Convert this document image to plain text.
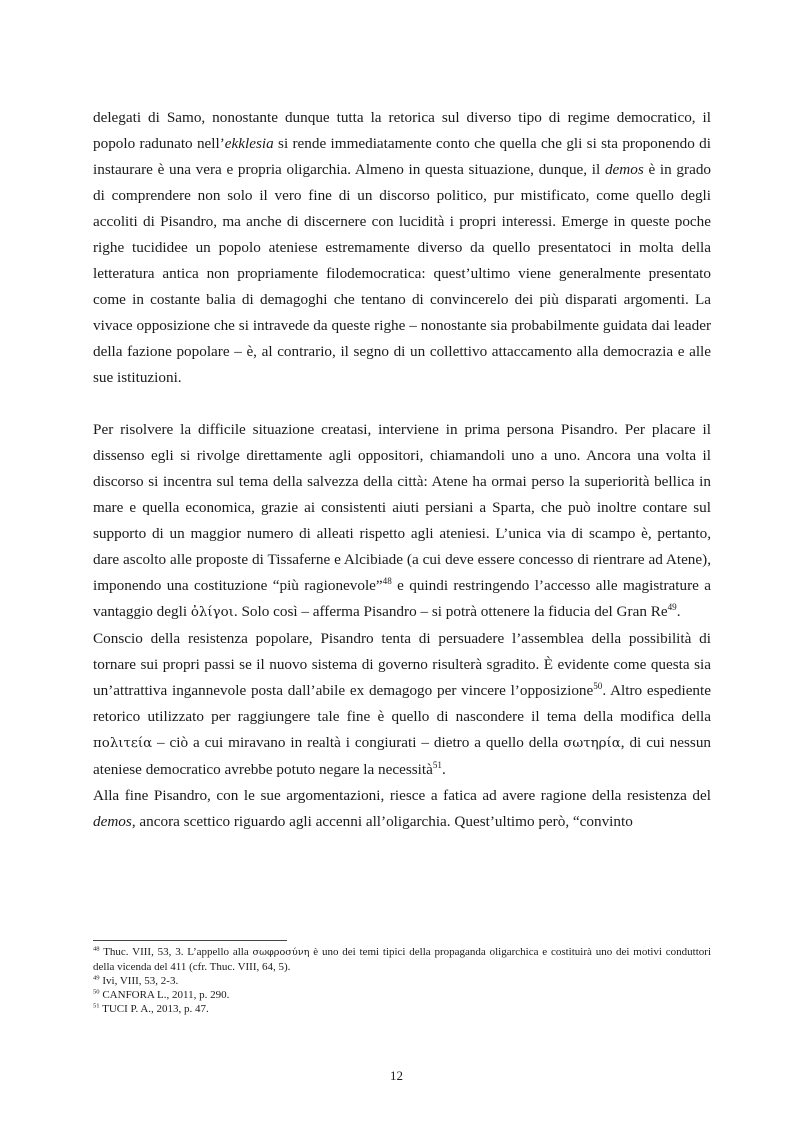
delegati di Samo, nonostante dunque tutta la retorica sul diverso tipo di regime democratico, il popolo radunato nell’ekklesia si rende immediatamente conto che quella che gli si sta proponendo di instaurare è una vera e propria oligarchia. Almeno in questa situazione, dunque, il demos è in grado di comprendere non solo il vero fine di un discorso politico, pur mistificato, come quello degli accoliti di Pisandro, ma anche di discernere con lucidità i propri interessi. Emerge in queste poche righe tucididee un popolo ateniese estremamente diverso da quello presentatoci in molta della letteratura antica non propriamente filodemocratica: quest’ultimo viene generalmente presentato come in costante balia di demagoghi che tentano di convincerelo dei più disparati argomenti. La vivace opposizione che si intravede da queste righe – nonostante sia probabilmente guidata dai leader della fazione popolare – è, al contrario, il segno di un collettivo attaccamento alla democrazia e alle sue istituzioni.

Per risolvere la difficile situazione creatasi, interviene in prima persona Pisandro. Per placare il dissenso egli si rivolge direttamente agli oppositori, chiamandoli uno a uno. Ancora una volta il discorso si incentra sul tema della salvezza della città: Atene ha ormai perso la superiorità bellica in mare e quella economica, grazie ai consistenti aiuti persiani a Sparta, che può inoltre contare sul supporto di un maggior numero di alleati rispetto agli ateniesi. L’unica via di scampo è, pertanto, dare ascolto alle proposte di Tissaferne e Alcibiade (a cui deve essere concesso di rientrare ad Atene), imponendo una costituzione “più ragionevole”$^{48}$ e quindi restringendo l’accesso alle magistrature a vantaggio degli ὀλίγοι. Solo così – afferma Pisandro – si potrà ottenere la fiducia del Gran Re$^{49}$.

Conscio della resistenza popolare, Pisandro tenta di persuadere l’assemblea della possibilità di tornare sui propri passi se il nuovo sistema di governo risulterà sgradito. È evidente come questa sia un’attrattiva ingannevole posta dall’abile ex demagogo per vincere l’opposizione$^{50}$. Altro espediente retorico utilizzato per raggiungere tale fine è quello di nascondere il tema della modifica della πολιτεία – ciò a cui miravano in realtà i congiurati – dietro a quello della σωτηρία, di cui nessun ateniese democratico avrebbe potuto negare la necessità$^{51}$.

Alla fine Pisandro, con le sue argomentazioni, riesce a fatica ad avere ragione della resistenza del demos, ancora scettico riguardo agli accenni all’oligarchia. Quest’ultimo però, “convinto

$^{48}$ Thuc. VIII, 53, 3. L’appello alla σωφροσύνη è uno dei temi tipici della propaganda oligarchica e costituirà uno dei motivi conduttori della vicenda del 411 (cfr. Thuc. VIII, 64, 5).
$^{49}$ Ivi, VIII, 53, 2-3.
$^{50}$ CANFORA L., 2011, p. 290.
$^{51}$ TUCI P. A., 2013, p. 47.
12
